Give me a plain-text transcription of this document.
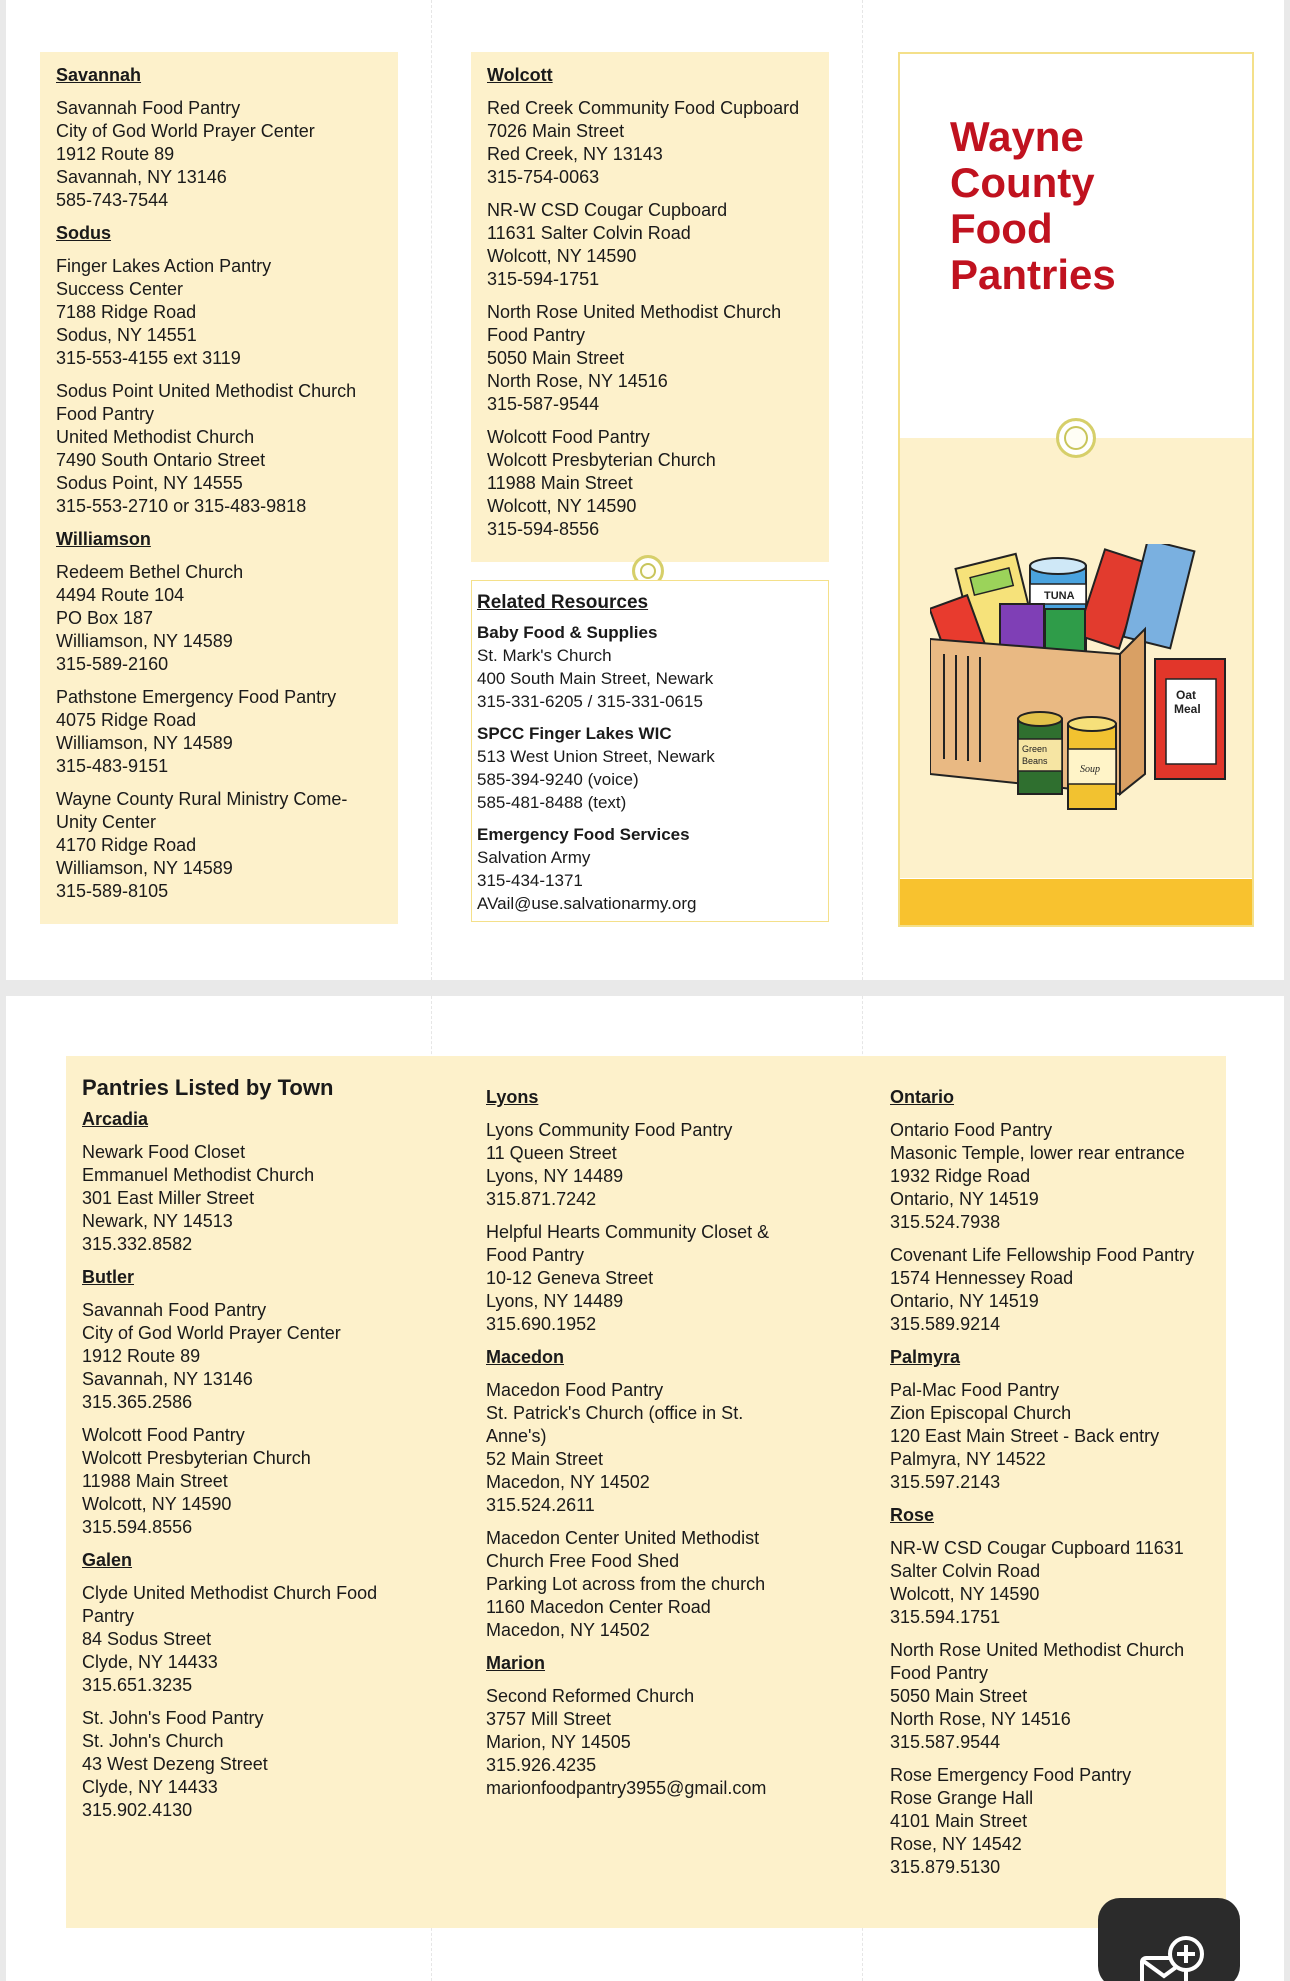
Savannah
Savannah Food Pantry
City of God World Prayer Center
1912 Route 89
Savannah, NY 13146
585-743-7544
Sodus
Finger Lakes Action Pantry
Success Center
7188 Ridge Road
Sodus, NY 14551
315-553-4155 ext 3119
Sodus Point United Methodist Church
Food Pantry
United Methodist Church
7490 South Ontario Street
Sodus Point, NY 14555
315-553-2710 or 315-483-9818
Williamson
Redeem Bethel Church
4494 Route 104
PO Box 187
Williamson, NY 14589
315-589-2160
Pathstone Emergency Food Pantry
4075 Ridge Road
Williamson, NY 14589
315-483-9151
Wayne County Rural Ministry Come-
Unity Center
4170 Ridge Road
Williamson, NY 14589
315-589-8105
Wolcott
Red Creek Community Food Cupboard
7026 Main Street
Red Creek, NY 13143
315-754-0063
NR-W CSD Cougar Cupboard
11631 Salter Colvin Road
Wolcott, NY 14590
315-594-1751
North Rose United Methodist Church
Food Pantry
5050 Main Street
North Rose, NY 14516
315-587-9544
Wolcott Food Pantry
Wolcott Presbyterian Church
11988 Main Street
Wolcott, NY 14590
315-594-8556
Related Resources
Baby Food & Supplies
St. Mark's Church
400 South Main Street, Newark
315-331-6205 / 315-331-0615
SPCC Finger Lakes WIC
513 West Union Street, Newark
585-394-9240 (voice)
585-481-8488 (text)
Emergency Food Services
Salvation Army
315-434-1371
AVail@use.salvationarmy.org
Wayne
County
Food
Pantries
TUNA
Oat
Meal
Green
Beans
Soup
Pantries Listed by Town
Arcadia
Newark Food Closet
Emmanuel Methodist Church
301 East Miller Street
Newark, NY 14513
315.332.8582
Butler
Savannah Food Pantry
City of God World Prayer Center
1912 Route 89
Savannah, NY 13146
315.365.2586
Wolcott Food Pantry
Wolcott Presbyterian Church
11988 Main Street
Wolcott, NY 14590
315.594.8556
Galen
Clyde United Methodist Church Food
Pantry
84 Sodus Street
Clyde, NY 14433
315.651.3235
St. John's Food Pantry
St. John's Church
43 West Dezeng Street
Clyde, NY 14433
315.902.4130
Lyons
Lyons Community Food Pantry
11 Queen Street
Lyons, NY 14489
315.871.7242
Helpful Hearts Community Closet &
Food Pantry
10-12 Geneva Street
Lyons, NY 14489
315.690.1952
Macedon
Macedon Food Pantry
St. Patrick's Church (office in St.
Anne's)
52 Main Street
Macedon, NY 14502
315.524.2611
Macedon Center United Methodist
Church Free Food Shed
Parking Lot across from the church
1160 Macedon Center Road
Macedon, NY 14502
Marion
Second Reformed Church
3757 Mill Street
Marion, NY 14505
315.926.4235
marionfoodpantry3955@gmail.com
Ontario
Ontario Food Pantry
Masonic Temple, lower rear entrance
1932 Ridge Road
Ontario, NY 14519
315.524.7938
Covenant Life Fellowship Food Pantry
1574 Hennessey Road
Ontario, NY 14519
315.589.9214
Palmyra
Pal-Mac Food Pantry
Zion Episcopal Church
120 East Main Street - Back entry
Palmyra, NY 14522
315.597.2143
Rose
NR-W CSD Cougar Cupboard 11631
Salter Colvin Road
Wolcott, NY 14590
315.594.1751
North Rose United Methodist Church
Food Pantry
5050 Main Street
North Rose, NY 14516
315.587.9544
Rose Emergency Food Pantry
Rose Grange Hall
4101 Main Street
Rose, NY 14542
315.879.5130
